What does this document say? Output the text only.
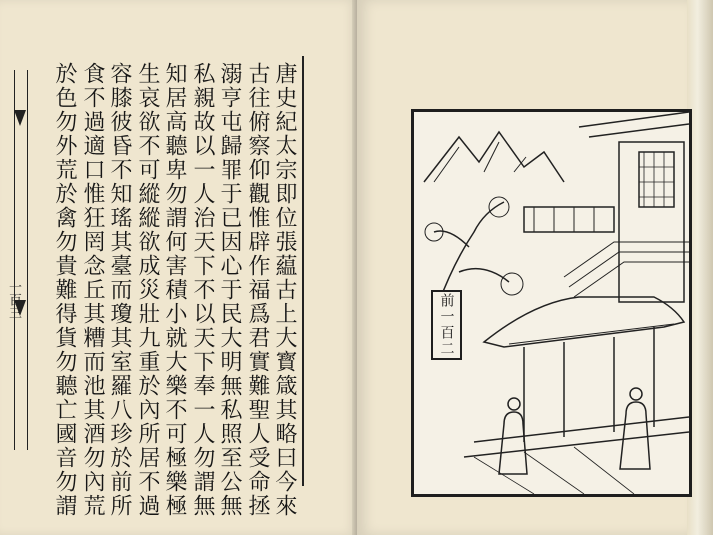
一百三	唐史紀太宗即位張藴古上大寳箴其略曰今來
古往俯察仰觀惟辟作福爲君實難聖人受命拯
溺亨屯歸罪于已因心于民大明無私照至公無
私親故以一人治天下不以天下奉一人勿謂無
知居高聽卑勿謂何害積小就大樂不可極樂極
生哀欲不可縱縱欲成災壯九重於內所居不過
容膝彼昏不知瑤其臺而瓊其室羅八珍於前所
食不過適口惟狂罔念丘其糟而池其酒勿內荒
於色勿外荒於禽勿貴難得貨勿聽亡國音勿謂	前一百二
